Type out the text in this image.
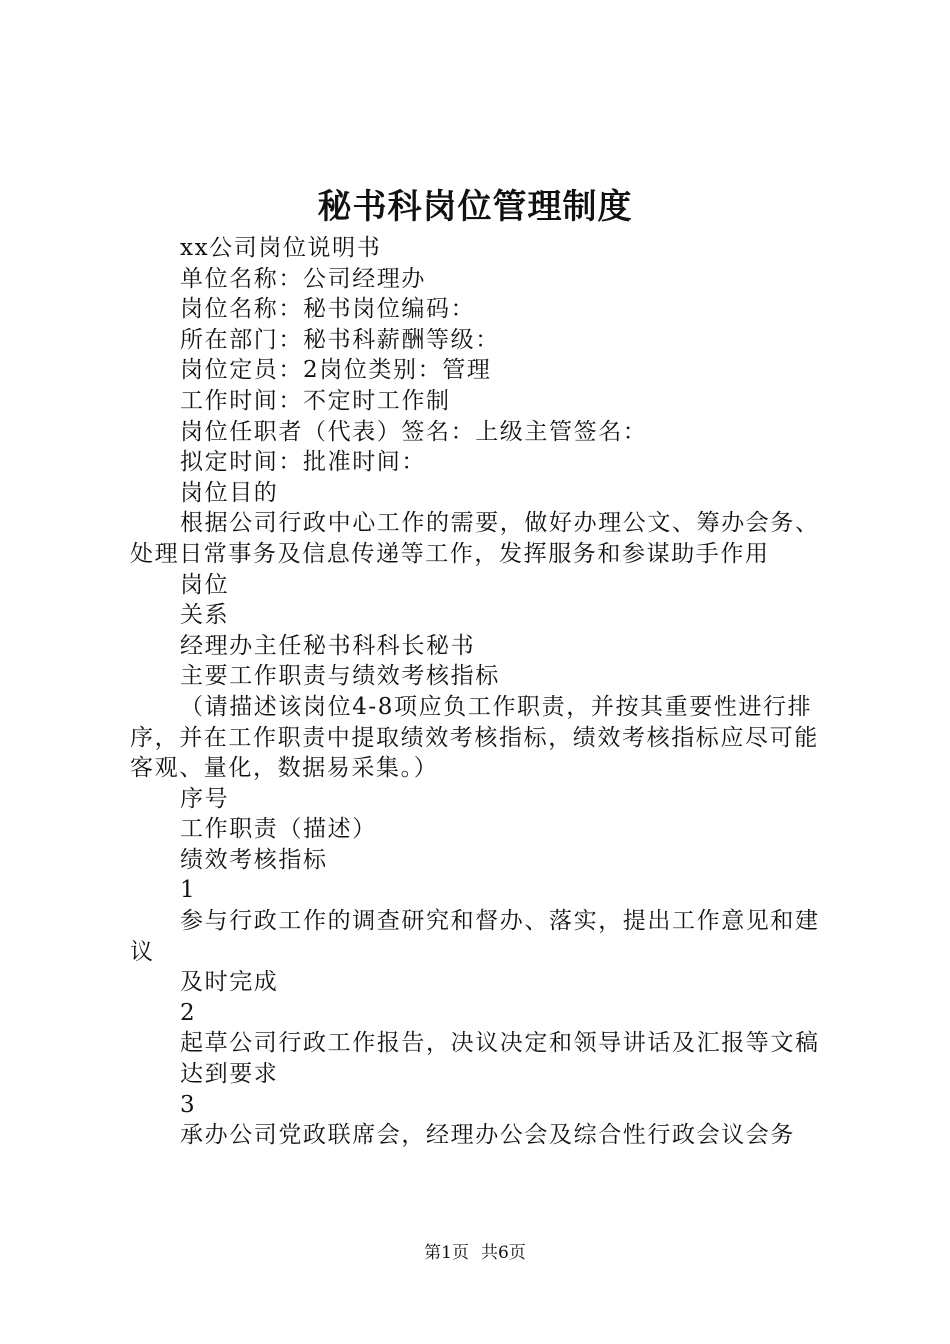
秘书科岗位管理制度

xx公司岗位说明书

单位名称：公司经理办

岗位名称：秘书岗位编码：

所在部门：秘书科薪酬等级：

岗位定员：2岗位类别：管理

工作时间：不定时工作制

岗位任职者（代表）签名：上级主管签名：

拟定时间：批准时间：

岗位目的

根据公司行政中心工作的需要，做好办理公文、筹办会务、处理日常事务及信息传递等工作，发挥服务和参谋助手作用

岗位

关系

经理办主任秘书科科长秘书

主要工作职责与绩效考核指标

（请描述该岗位4-8项应负工作职责，并按其重要性进行排序，并在工作职责中提取绩效考核指标，绩效考核指标应尽可能客观、量化，数据易采集。）

序号

工作职责（描述）

绩效考核指标

1

参与行政工作的调查研究和督办、落实，提出工作意见和建议

及时完成

2

起草公司行政工作报告，决议决定和领导讲话及汇报等文稿

达到要求

3

承办公司党政联席会，经理办公会及综合性行政会议会务

第1页 共6页
